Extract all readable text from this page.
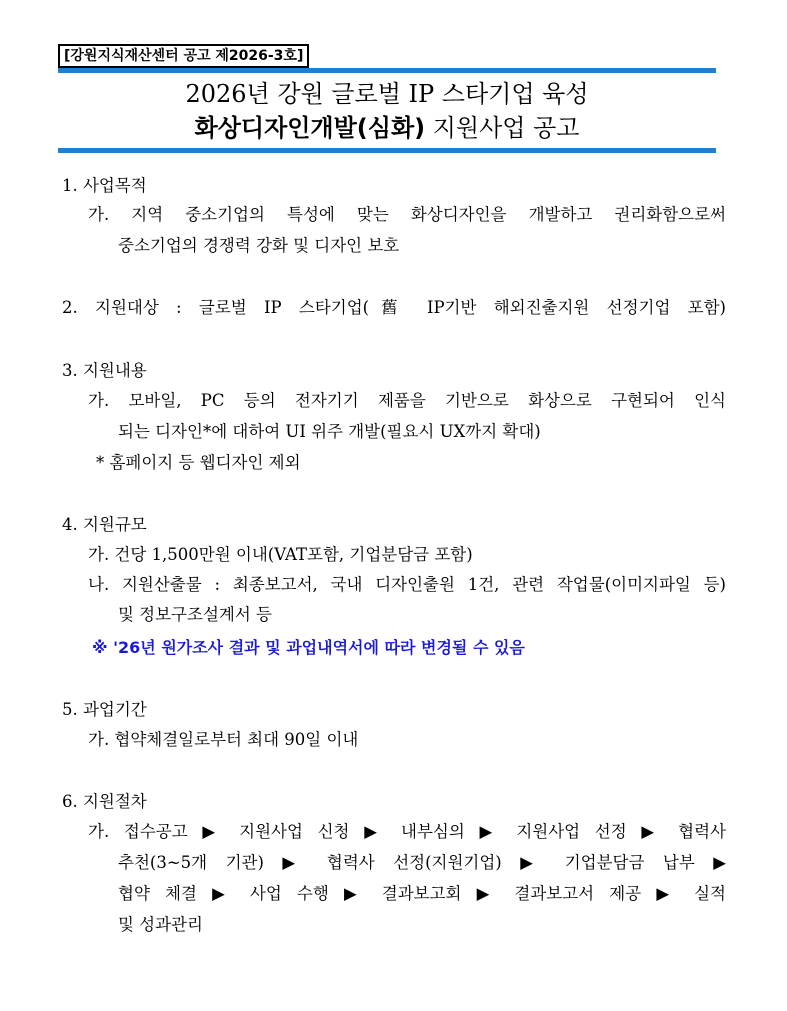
[강원지식재산센터 공고 제2026-3호]
2026년 강원 글로벌 IP 스타기업 육성
화상디자인개발(심화) 지원사업 공고
1. 사업목적
가. 지역 중소기업의 특성에 맞는 화상디자인을 개발하고 권리화함으로써
중소기업의 경쟁력 강화 및 디자인 보호
2. 지원대상 : 글로벌 IP 스타기업(舊 IP기반 해외진출지원 선정기업 포함)
3. 지원내용
가. 모바일, PC 등의 전자기기 제품을 기반으로 화상으로 구현되어 인식
되는 디자인*에 대하여 UI 위주 개발(필요시 UX까지 확대)
* 홈페이지 등 웹디자인 제외
4. 지원규모
가. 건당 1,500만원 이내(VAT포함, 기업분담금 포함)
나. 지원산출물 : 최종보고서, 국내 디자인출원 1건, 관련 작업물(이미지파일 등)
및 정보구조설계서 등
※ '26년 원가조사 결과 및 과업내역서에 따라 변경될 수 있음
5. 과업기간
가. 협약체결일로부터 최대 90일 이내
6. 지원절차
가. 접수공고 ▶ 지원사업 신청 ▶ 내부심의 ▶ 지원사업 선정 ▶ 협력사
추천(3~5개 기관) ▶ 협력사 선정(지원기업) ▶ 기업분담금 납부 ▶
협약 체결 ▶ 사업 수행 ▶ 결과보고회 ▶ 결과보고서 제공 ▶ 실적
및 성과관리
